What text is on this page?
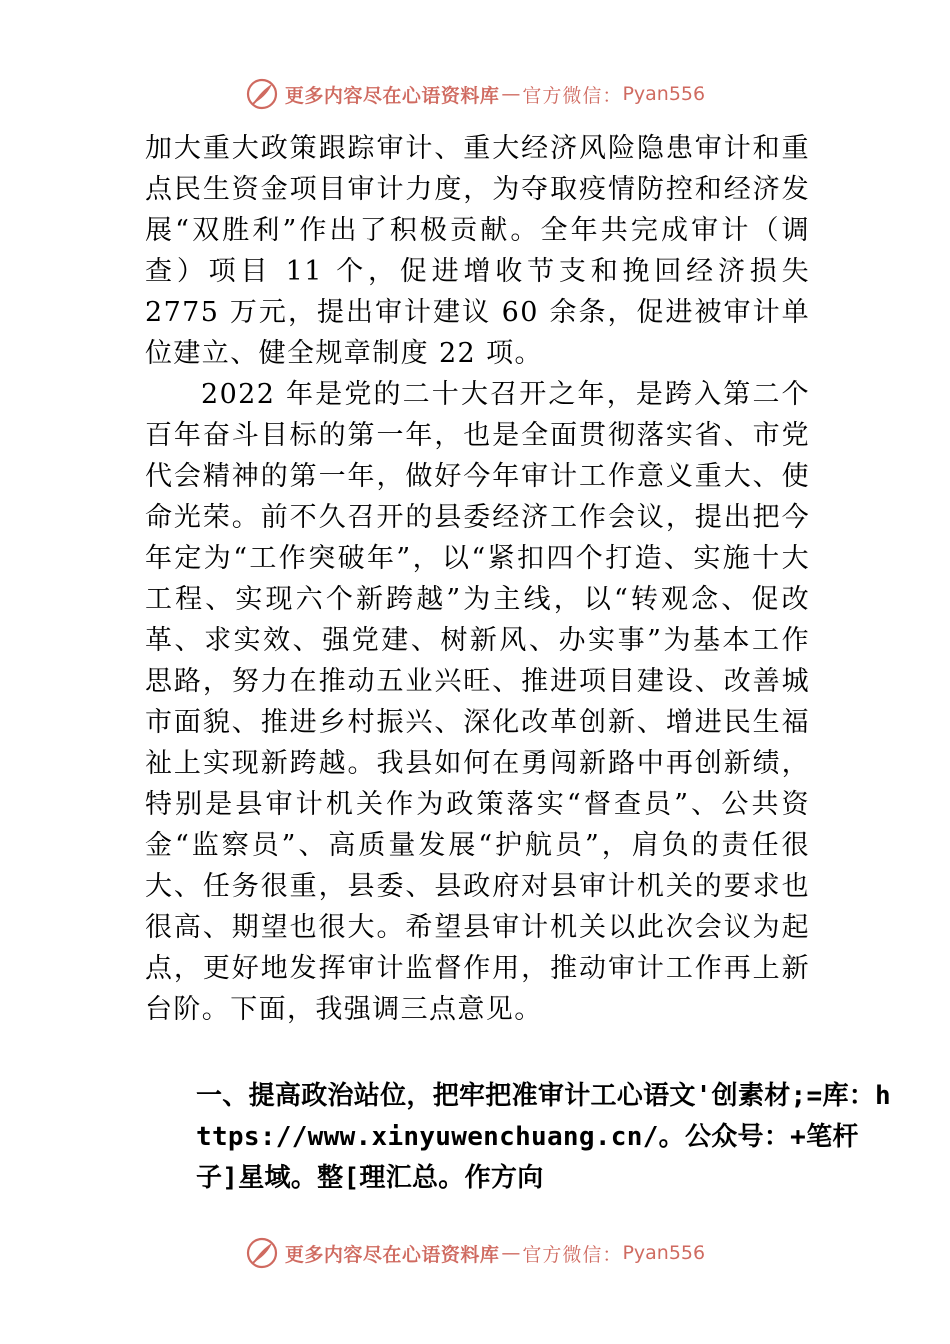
更多内容尽在心语资料库 — 官方微信： Pyan556

加大重大政策跟踪审计、重大经济风险隐患审计和重点民生资金项目审计力度，为夺取疫情防控和经济发展“双胜利”作出了积极贡献。全年共完成审计（调查）项目 11 个，促进增收节支和挽回经济损失 2775 万元，提出审计建议 60 余条，促进被审计单位建立、健全规章制度 22 项。

2022 年是党的二十大召开之年，是跨入第二个百年奋斗目标的第一年，也是全面贯彻落实省、市党代会精神的第一年，做好今年审计工作意义重大、使命光荣。前不久召开的县委经济工作会议，提出把今年定为“工作突破年”，以“紧扣四个打造、实施十大工程、实现六个新跨越”为主线，以“转观念、促改革、求实效、强党建、树新风、办实事”为基本工作思路，努力在推动五业兴旺、推进项目建设、改善城市面貌、推进乡村振兴、深化改革创新、增进民生福祉上实现新跨越。我县如何在勇闯新路中再创新绩，特别是县审计机关作为政策落实“督查员”、公共资金“监察员”、高质量发展“护航员”，肩负的责任很大、任务很重，县委、县政府对县审计机关的要求也很高、期望也很大。希望县审计机关以此次会议为起点，更好地发挥审计监督作用，推动审计工作再上新台阶。下面，我强调三点意见。

一、提高政治站位，把牢把准审计工心语文'创素材;=库：https://www.xinyuwenchuang.cn/。公众号：+笔杆子]星域。整[理汇总。作方向

更多内容尽在心语资料库 — 官方微信： Pyan556
